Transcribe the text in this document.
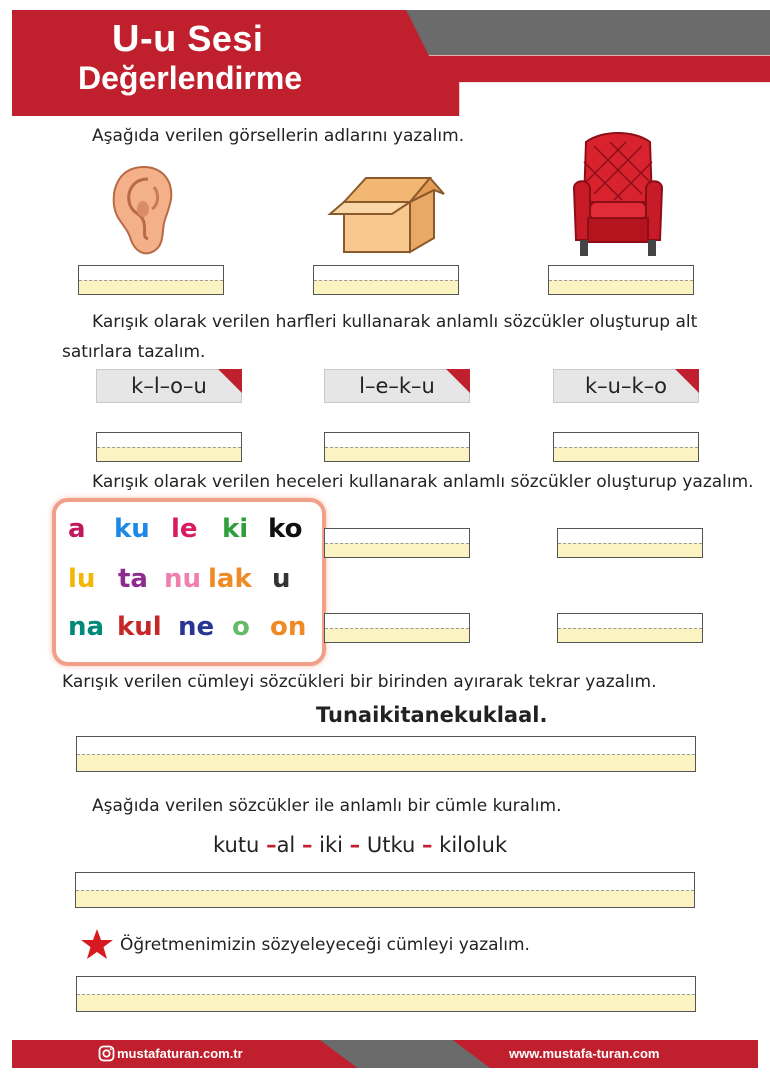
U-u Sesi
Değerlendirme
Aşağıda verilen görsellerin adlarını yazalım.
Karışık olarak verilen harfleri kullanarak anlamlı sözcükler oluşturup alt
satırlara tazalım.
k–l–o–u	l–e–k–u	k–u–k–o
Karışık olarak verilen heceleri kullanarak anlamlı sözcükler oluşturup yazalım.
a ku le ki ko
lu ta nu lak u
na kul ne o on
Karışık verilen cümleyi sözcükleri bir birinden ayırarak tekrar yazalım.
Tunaikitanekuklaal.
Aşağıda verilen sözcükler ile anlamlı bir cümle kuralım.
kutu –al – iki – Utku – kiloluk
Öğretmenimizin sözyeleyeceği cümleyi yazalım.
mustafaturan.com.tr	www.mustafa-turan.com
